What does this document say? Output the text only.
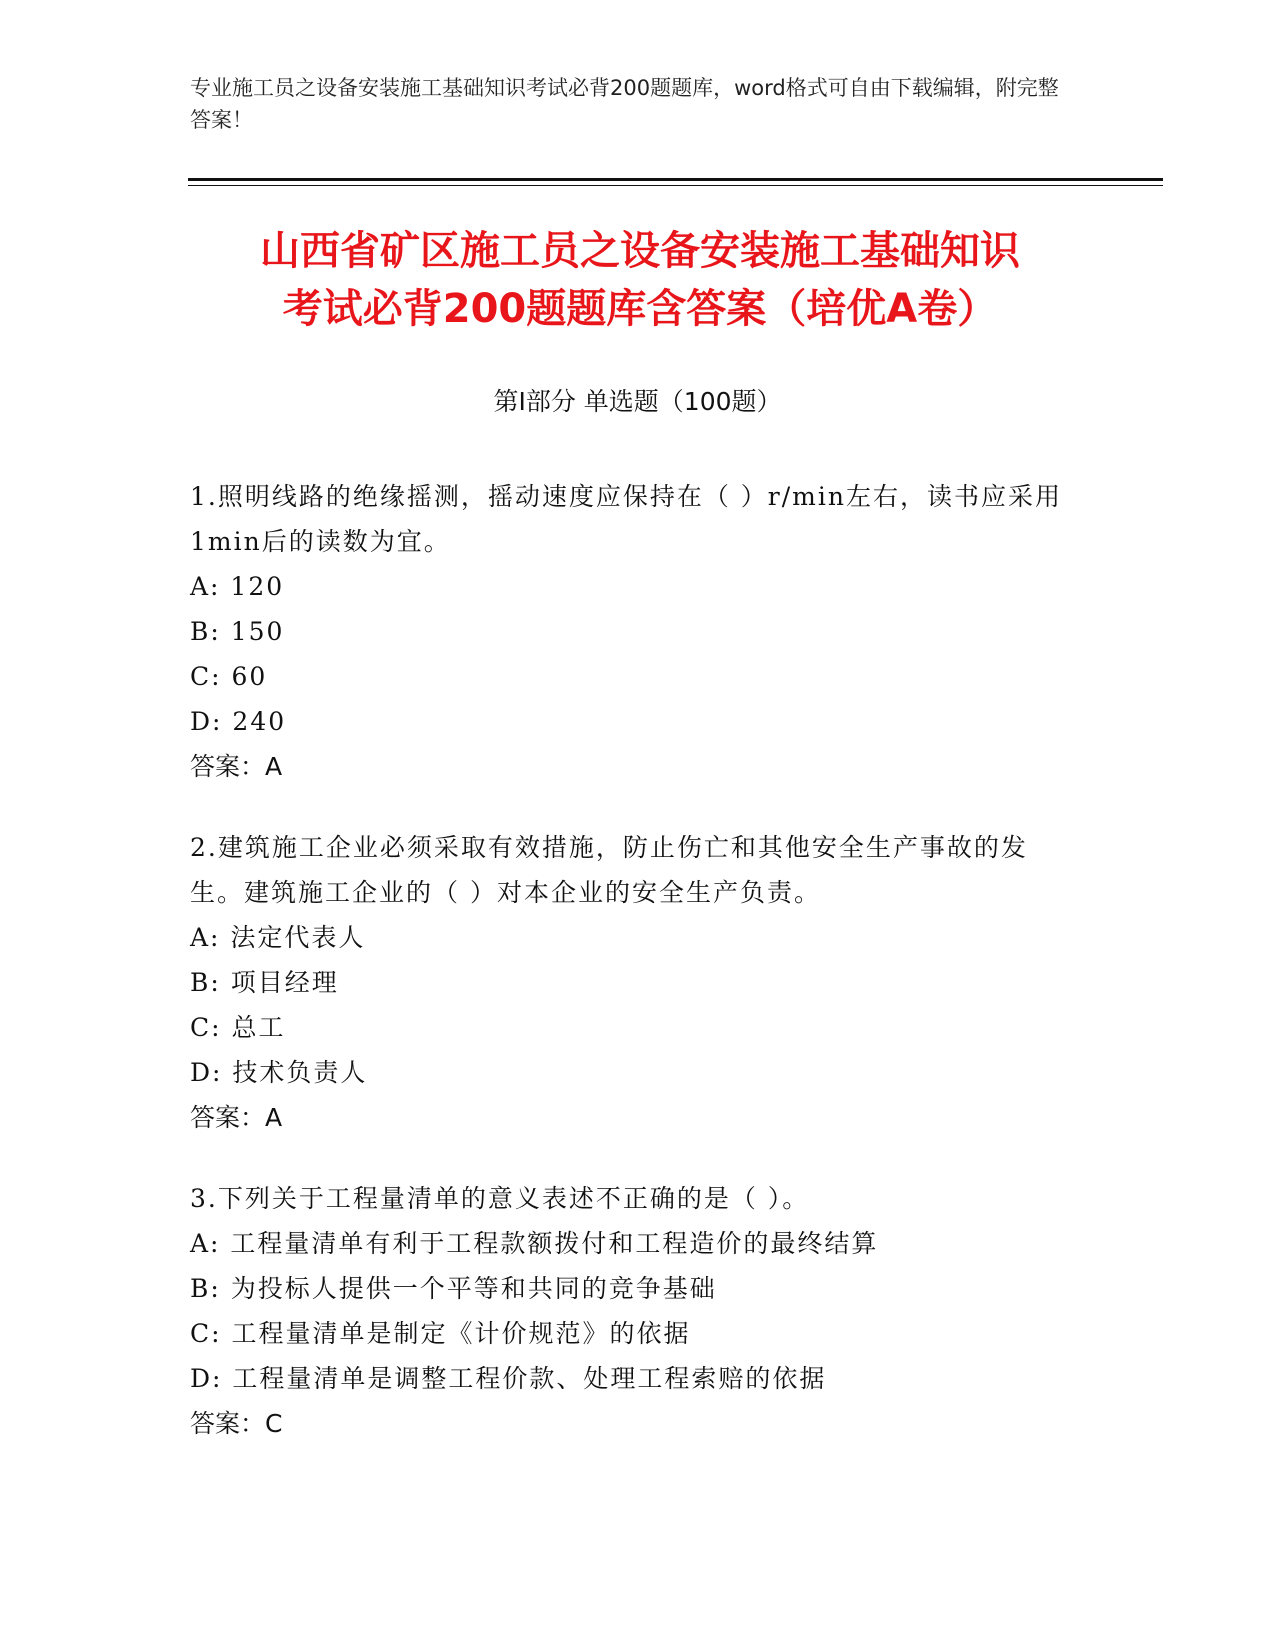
专业施工员之设备安装施工基础知识考试必背200题题库，word格式可自由下载编辑，附完整答案！
山西省矿区施工员之设备安装施工基础知识
考试必背200题题库含答案（培优A卷）
第Ⅰ部分 单选题（100题）
1.照明线路的绝缘摇测，摇动速度应保持在（ ）r/min左右，读书应采用1min后的读数为宜。
A: 120
B: 150
C: 60
D: 240
答案：A
2.建筑施工企业必须采取有效措施，防止伤亡和其他安全生产事故的发生。建筑施工企业的（ ）对本企业的安全生产负责。
A: 法定代表人
B: 项目经理
C: 总工
D: 技术负责人
答案：A
3.下列关于工程量清单的意义表述不正确的是（ ）。
A: 工程量清单有利于工程款额拨付和工程造价的最终结算
B: 为投标人提供一个平等和共同的竞争基础
C: 工程量清单是制定《计价规范》的依据
D: 工程量清单是调整工程价款、处理工程索赔的依据
答案：C
